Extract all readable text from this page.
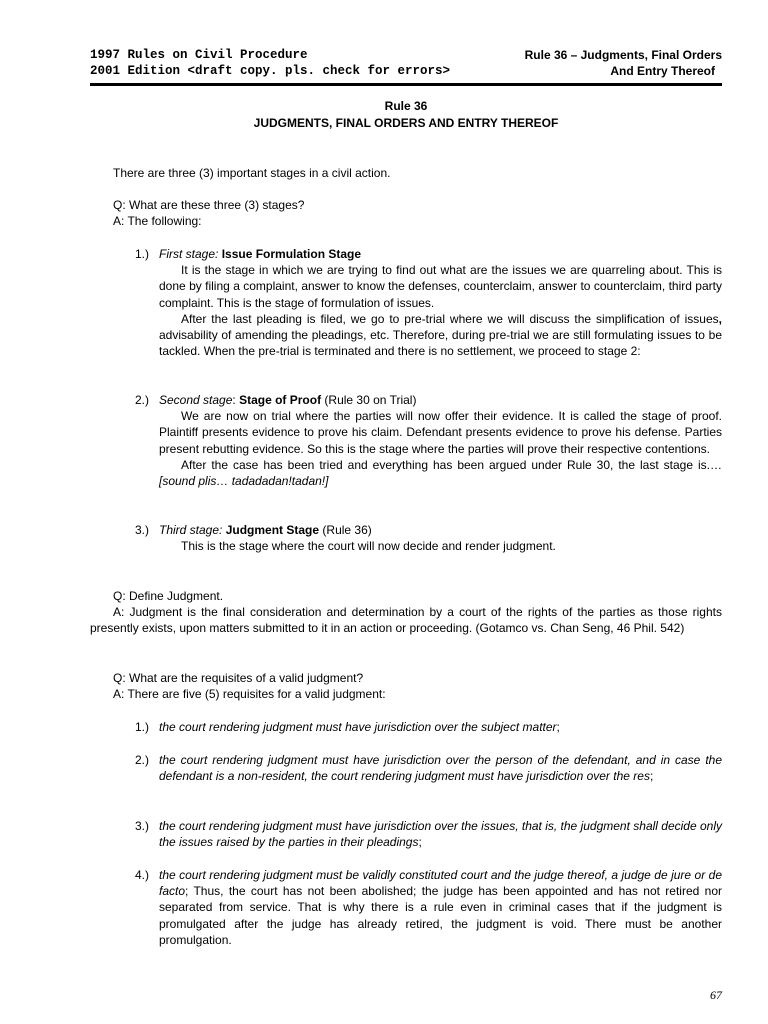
1997 Rules on Civil Procedure
2001 Edition <draft copy. pls. check for errors>
Rule 36 – Judgments, Final Orders
And Entry Thereof
Rule 36
JUDGMENTS, FINAL ORDERS AND ENTRY THEREOF
There are three (3) important stages in a civil action.
Q: What are these three (3) stages?
A: The following:
1.) First stage: Issue Formulation Stage

It is the stage in which we are trying to find out what are the issues we are quarreling about. This is done by filing a complaint, answer to know the defenses, counterclaim, answer to counterclaim, third party complaint. This is the stage of formulation of issues.

After the last pleading is filed, we go to pre-trial where we will discuss the simplification of issues, advisability of amending the pleadings, etc. Therefore, during pre-trial we are still formulating issues to be tackled. When the pre-trial is terminated and there is no settlement, we proceed to stage 2:

2.) Second stage: Stage of Proof (Rule 30 on Trial)

We are now on trial where the parties will now offer their evidence. It is called the stage of proof. Plaintiff presents evidence to prove his claim. Defendant presents evidence to prove his defense. Parties present rebutting evidence. So this is the stage where the parties will prove their respective contentions.

After the case has been tried and everything has been argued under Rule 30, the last stage is.… [sound plis… tadadadan!tadan!]

3.) Third stage: Judgment Stage (Rule 36)

This is the stage where the court will now decide and render judgment.

Q: Define Judgment.
A: Judgment is the final consideration and determination by a court of the rights of the parties as those rights presently exists, upon matters submitted to it in an action or proceeding. (Gotamco vs. Chan Seng, 46 Phil. 542)
Q: What are the requisites of a valid judgment?
A: There are five (5) requisites for a valid judgment:
1.) the court rendering judgment must have jurisdiction over the subject matter;
2.) the court rendering judgment must have jurisdiction over the person of the defendant, and in case the defendant is a non-resident, the court rendering judgment must have jurisdiction over the res;
3.) the court rendering judgment must have jurisdiction over the issues, that is, the judgment shall decide only the issues raised by the parties in their pleadings;
4.) the court rendering judgment must be validly constituted court and the judge thereof, a judge de jure or de facto; Thus, the court has not been abolished; the judge has been appointed and has not retired nor separated from service. That is why there is a rule even in criminal cases that if the judgment is promulgated after the judge has already retired, the judgment is void. There must be another promulgation.
67
